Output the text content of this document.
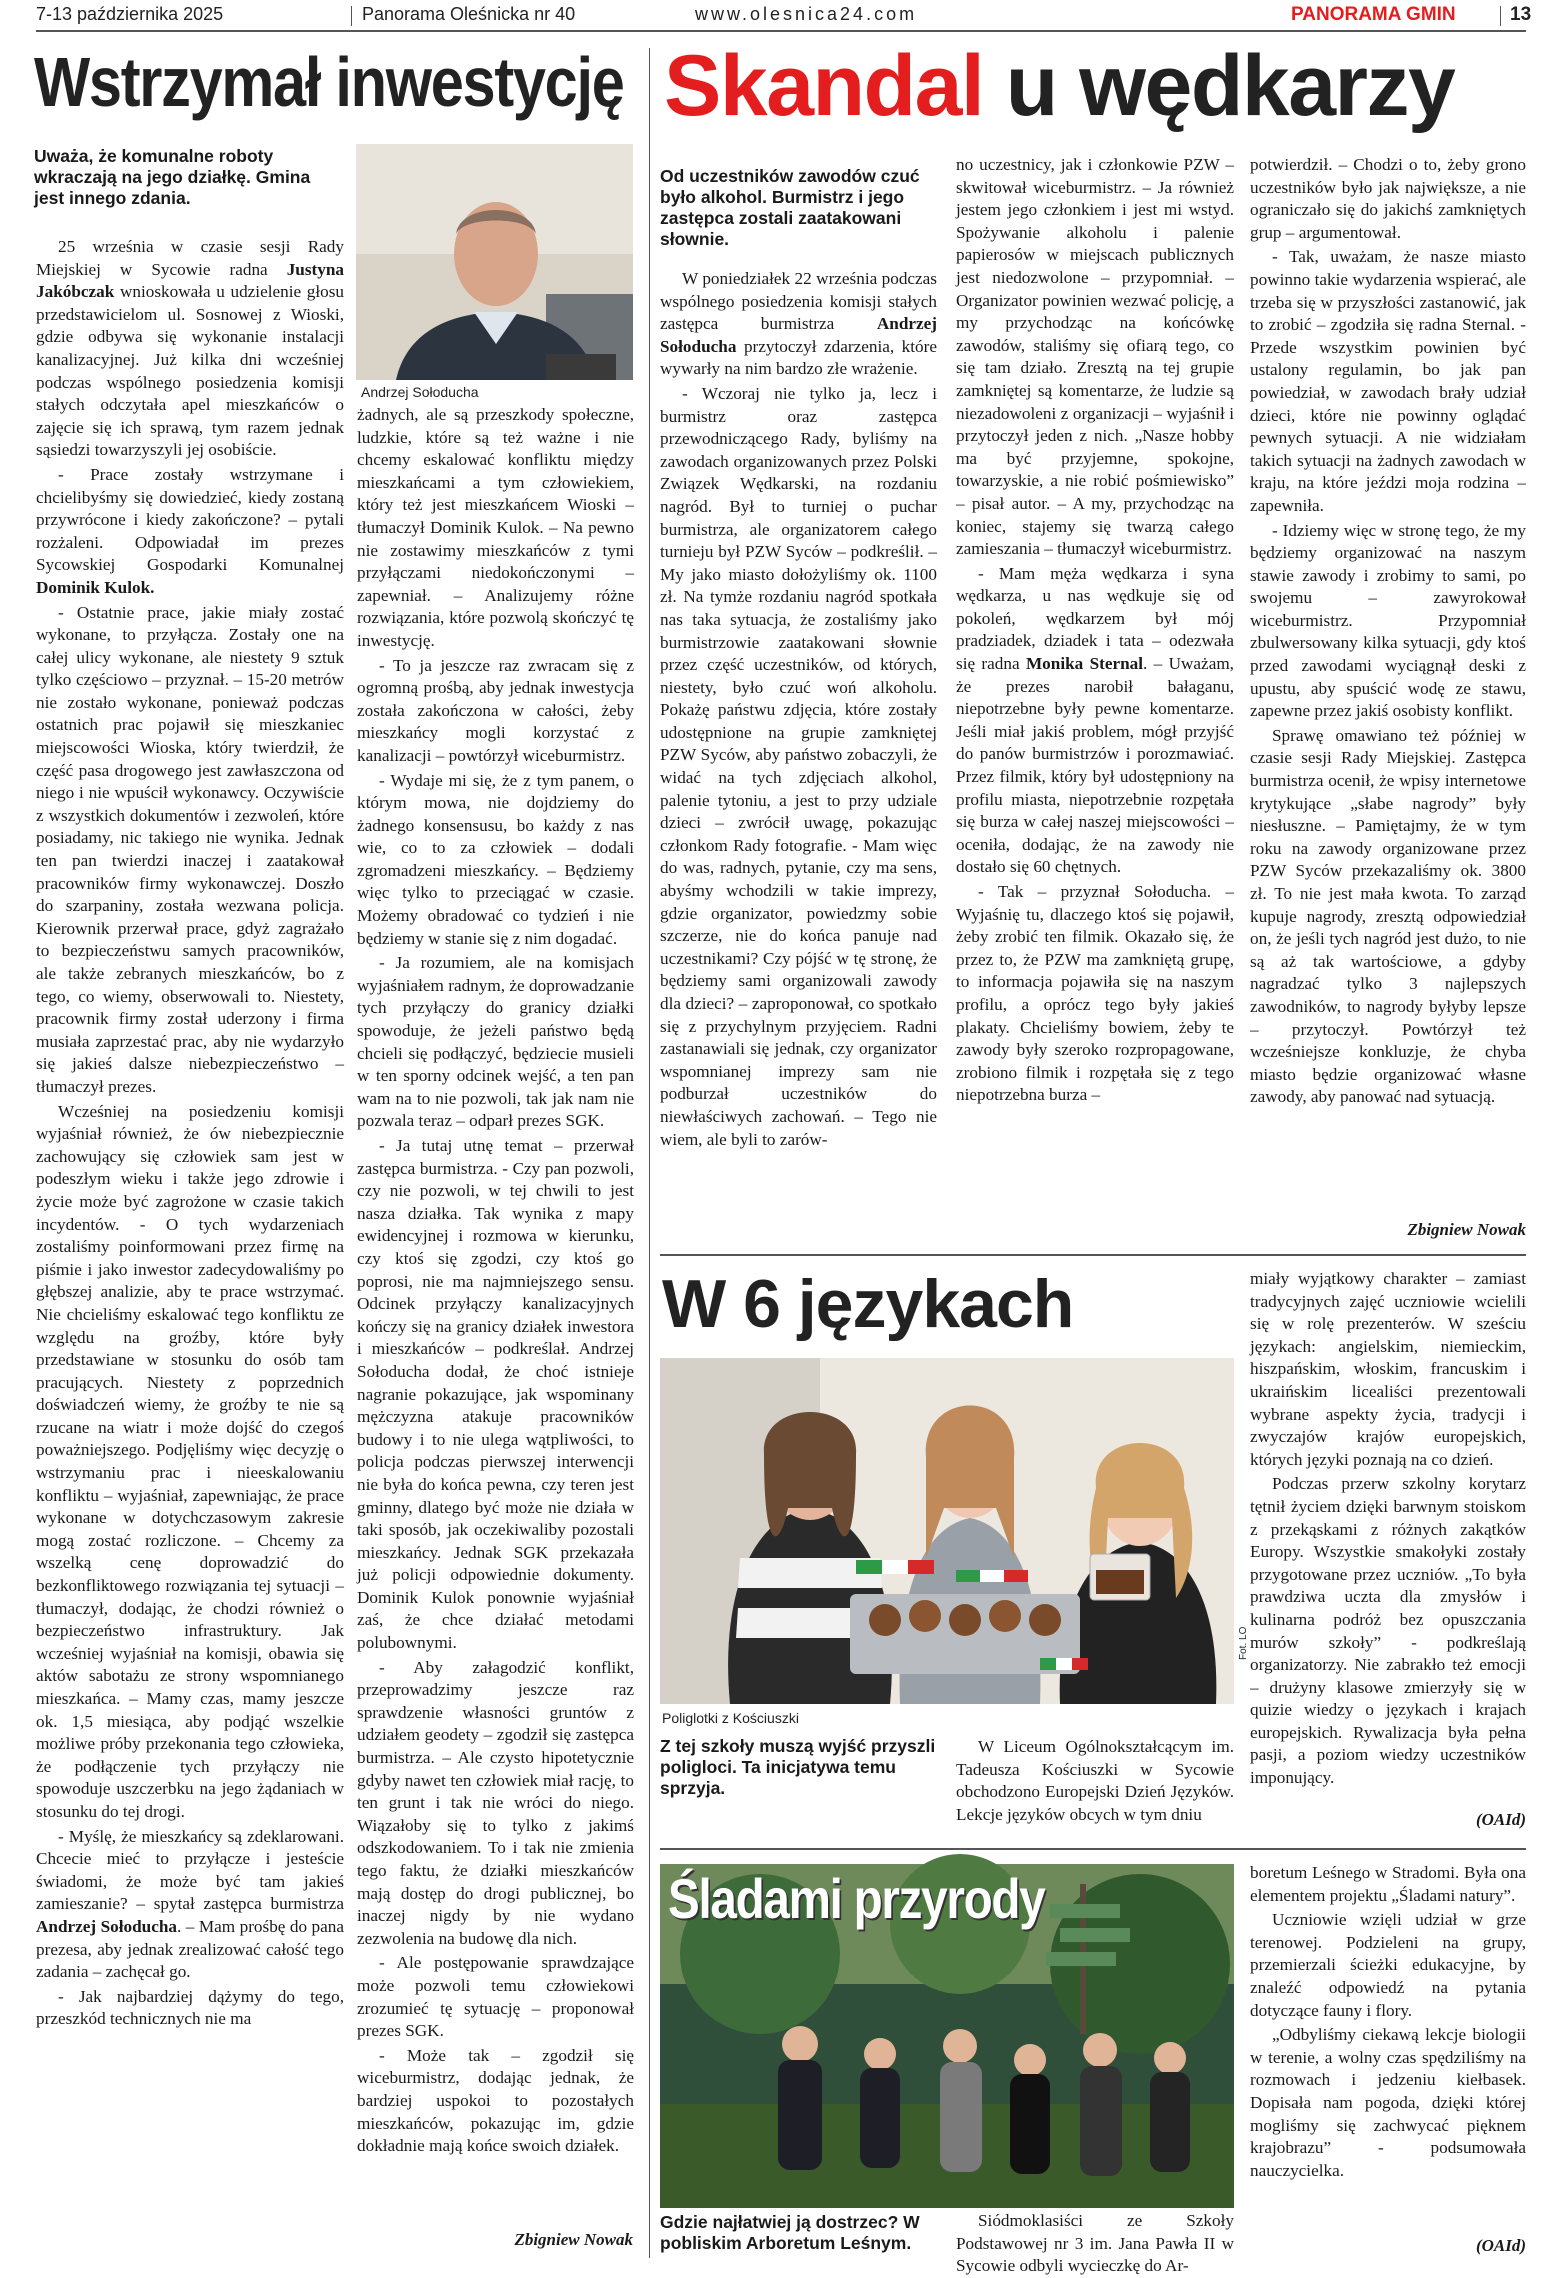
7-13 października 2025	Panorama Oleśnicka nr 40	www.olesnica24.com	PANORAMA GMIN	13
Wstrzymał inwestycję
Uważa, że komunalne roboty wkraczają na jego działkę. Gmina jest innego zdania.
Andrzej Sołoducha

25 września w czasie sesji Rady Miejskiej w Sycowie radna Justyna Jakóbczak wnioskowała u udzielenie głosu przedstawicielom ul. Sosnowej z Wioski, gdzie odbywa się wykonanie instalacji kanalizacyjnej. Już kilka dni wcześniej podczas wspólnego posiedzenia komisji stałych odczytała apel mieszkańców o zajęcie się ich sprawą, tym razem jednak sąsiedzi towarzyszyli jej osobiście.

- Prace zostały wstrzymane i chcielibyśmy się dowiedzieć, kiedy zostaną przywrócone i kiedy zakończone? – pytali rozżaleni. Odpowiadał im prezes Sycowskiej Gospodarki Komunalnej Dominik Kulok.

- Ostatnie prace, jakie miały zostać wykonane, to przyłącza. Zostały one na całej ulicy wykonane, ale niestety 9 sztuk tylko częściowo – przyznał. – 15-20 metrów nie zostało wykonane, ponieważ podczas ostatnich prac pojawił się mieszkaniec miejscowości Wioska, który twierdził, że część pasa drogowego jest zawłaszczona od niego i nie wpuścił wykonawcy. Oczywiście z wszystkich dokumentów i zezwoleń, które posiadamy, nic takiego nie wynika. Jednak ten pan twierdzi inaczej i zaatakował pracowników firmy wykonawczej. Doszło do szarpaniny, została wezwana policja. Kierownik przerwał prace, gdyż zagrażało to bezpieczeństwu samych pracowników, ale także zebranych mieszkańców, bo z tego, co wiemy, obserwowali to. Niestety, pracownik firmy został uderzony i firma musiała zaprzestać prac, aby nie wydarzyło się jakieś dalsze niebezpieczeństwo – tłumaczył prezes.

Wcześniej na posiedzeniu komisji wyjaśniał również, że ów niebezpiecznie zachowujący się człowiek sam jest w podeszłym wieku i także jego zdrowie i życie może być zagrożone w czasie takich incydentów. - O tych wydarzeniach zostaliśmy poinformowani przez firmę na piśmie i jako inwestor zadecydowaliśmy po głębszej analizie, aby te prace wstrzymać. Nie chcieliśmy eskalować tego konfliktu ze względu na groźby, które były przedstawiane w stosunku do osób tam pracujących. Niestety z poprzednich doświadczeń wiemy, że groźby te nie są rzucane na wiatr i może dojść do czegoś poważniejszego. Podjęliśmy więc decyzję o wstrzymaniu prac i nieeskalowaniu konfliktu – wyjaśniał, zapewniając, że prace wykonane w dotychczasowym zakresie mogą zostać rozliczone. – Chcemy za wszelką cenę doprowadzić do bezkonfliktowego rozwiązania tej sytuacji – tłumaczył, dodając, że chodzi również o bezpieczeństwo infrastruktury. Jak wcześniej wyjaśniał na komisji, obawia się aktów sabotażu ze strony wspomnianego mieszkańca. – Mamy czas, mamy jeszcze ok. 1,5 miesiąca, aby podjąć wszelkie możliwe próby przekonania tego człowieka, że podłączenie tych przyłączy nie spowoduje uszczerbku na jego żądaniach w stosunku do tej drogi.

- Myślę, że mieszkańcy są zdeklarowani. Chcecie mieć to przyłącze i jesteście świadomi, że może być tam jakieś zamieszanie? – spytał zastępca burmistrza Andrzej Sołoducha. – Mam prośbę do pana prezesa, aby jednak zrealizować całość tego zadania – zachęcał go.

- Jak najbardziej dążymy do tego, przeszkód technicznych nie ma

żadnych, ale są przeszkody społeczne, ludzkie, które są też ważne i nie chcemy eskalować konfliktu między mieszkańcami a tym człowiekiem, który też jest mieszkańcem Wioski – tłumaczył Dominik Kulok. – Na pewno nie zostawimy mieszkańców z tymi przyłączami niedokończonymi – zapewniał. – Analizujemy różne rozwiązania, które pozwolą skończyć tę inwestycję.

- To ja jeszcze raz zwracam się z ogromną prośbą, aby jednak inwestycja została zakończona w całości, żeby mieszkańcy mogli korzystać z kanalizacji – powtórzył wiceburmistrz.

- Wydaje mi się, że z tym panem, o którym mowa, nie dojdziemy do żadnego konsensusu, bo każdy z nas wie, co to za człowiek – dodali zgromadzeni mieszkańcy. – Będziemy więc tylko to przeciągać w czasie. Możemy obradować co tydzień i nie będziemy w stanie się z nim dogadać.

- Ja rozumiem, ale na komisjach wyjaśniałem radnym, że doprowadzanie tych przyłączy do granicy działki spowoduje, że jeżeli państwo będą chcieli się podłączyć, będziecie musieli w ten sporny odcinek wejść, a ten pan wam na to nie pozwoli, tak jak nam nie pozwala teraz – odparł prezes SGK.

- Ja tutaj utnę temat – przerwał zastępca burmistrza. - Czy pan pozwoli, czy nie pozwoli, w tej chwili to jest nasza działka. Tak wynika z mapy ewidencyjnej i rozmowa w kierunku, czy ktoś się zgodzi, czy ktoś go poprosi, nie ma najmniejszego sensu. Odcinek przyłączy kanalizacyjnych kończy się na granicy działek inwestora i mieszkańców – podkreślał. Andrzej Sołoducha dodał, że choć istnieje nagranie pokazujące, jak wspominany mężczyzna atakuje pracowników budowy i to nie ulega wątpliwości, to policja podczas pierwszej interwencji nie była do końca pewna, czy teren jest gminny, dlatego być może nie działa w taki sposób, jak oczekiwaliby pozostali mieszkańcy. Jednak SGK przekazała już policji odpowiednie dokumenty. Dominik Kulok ponownie wyjaśniał zaś, że chce działać metodami polubownymi.

- Aby załagodzić konflikt, przeprowadzimy jeszcze raz sprawdzenie własności gruntów z udziałem geodety – zgodził się zastępca burmistrza. – Ale czysto hipotetycznie gdyby nawet ten człowiek miał rację, to ten grunt i tak nie wróci do niego. Wiązałoby się to tylko z jakimś odszkodowaniem. To i tak nie zmienia tego faktu, że działki mieszkańców mają dostęp do drogi publicznej, bo inaczej nigdy by nie wydano zezwolenia na budowę dla nich.

- Ale postępowanie sprawdzające może pozwoli temu człowiekowi zrozumieć tę sytuację – proponował prezes SGK.

- Może tak – zgodził się wiceburmistrz, dodając jednak, że bardziej uspokoi to pozostałych mieszkańców, pokazując im, gdzie dokładnie mają końce swoich działek.

Zbigniew Nowak
Skandal u wędkarzy
Od uczestników zawodów czuć było alkohol. Burmistrz i jego zastępca zostali zaatakowani słownie.

W poniedziałek 22 września podczas wspólnego posiedzenia komisji stałych zastępca burmistrza Andrzej Sołoducha przytoczył zdarzenia, które wywarły na nim bardzo złe wrażenie.

- Wczoraj nie tylko ja, lecz i burmistrz oraz zastępca przewodniczącego Rady, byliśmy na zawodach organizowanych przez Polski Związek Wędkarski, na rozdaniu nagród. Był to turniej o puchar burmistrza, ale organizatorem całego turnieju był PZW Syców – podkreślił. – My jako miasto dołożyliśmy ok. 1100 zł. Na tymże rozdaniu nagród spotkała nas taka sytuacja, że zostaliśmy jako burmistrzowie zaatakowani słownie przez część uczestników, od których, niestety, było czuć woń alkoholu. Pokażę państwu zdjęcia, które zostały udostępnione na grupie zamkniętej PZW Syców, aby państwo zobaczyli, że widać na tych zdjęciach alkohol, palenie tytoniu, a jest to przy udziale dzieci – zwrócił uwagę, pokazując członkom Rady fotografie. - Mam więc do was, radnych, pytanie, czy ma sens, abyśmy wchodzili w takie imprezy, gdzie organizator, powiedzmy sobie szczerze, nie do końca panuje nad uczestnikami? Czy pójść w tę stronę, że będziemy sami organizowali zawody dla dzieci? – zaproponował, co spotkało się z przychylnym przyjęciem. Radni zastanawiali się jednak, czy organizator wspomnianej imprezy sam nie podburzał uczestników do niewłaściwych zachowań. – Tego nie wiem, ale byli to zarów-

no uczestnicy, jak i członkowie PZW – skwitował wiceburmistrz. – Ja również jestem jego członkiem i jest mi wstyd. Spożywanie alkoholu i palenie papierosów w miejscach publicznych jest niedozwolone – przypomniał. – Organizator powinien wezwać policję, a my przychodząc na końcówkę zawodów, staliśmy się ofiarą tego, co się tam działo. Zresztą na tej grupie zamkniętej są komentarze, że ludzie są niezadowoleni z organizacji – wyjaśnił i przytoczył jeden z nich. „Nasze hobby ma być przyjemne, spokojne, towarzyskie, a nie robić pośmiewisko” – pisał autor. – A my, przychodząc na koniec, stajemy się twarzą całego zamieszania – tłumaczył wiceburmistrz.

- Mam męża wędkarza i syna wędkarza, u nas wędkuje się od pokoleń, wędkarzem był mój pradziadek, dziadek i tata – odezwała się radna Monika Sternal. – Uważam, że prezes narobił bałaganu, niepotrzebne były pewne komentarze. Jeśli miał jakiś problem, mógł przyjść do panów burmistrzów i porozmawiać. Przez filmik, który był udostępniony na profilu miasta, niepotrzebnie rozpętała się burza w całej naszej miejscowości – oceniła, dodając, że na zawody nie dostało się 60 chętnych.

- Tak – przyznał Sołoducha. – Wyjaśnię tu, dlaczego ktoś się pojawił, żeby zrobić ten filmik. Okazało się, że przez to, że PZW ma zamkniętą grupę, to informacja pojawiła się na naszym profilu, a oprócz tego były jakieś plakaty. Chcieliśmy bowiem, żeby te zawody były szeroko rozpropagowane, zrobiono filmik i rozpętała się z tego niepotrzebna burza –

potwierdził. – Chodzi o to, żeby grono uczestników było jak największe, a nie ograniczało się do jakichś zamkniętych grup – argumentował.

- Tak, uważam, że nasze miasto powinno takie wydarzenia wspierać, ale trzeba się w przyszłości zastanowić, jak to zrobić – zgodziła się radna Sternal. - Przede wszystkim powinien być ustalony regulamin, bo jak pan powiedział, w zawodach brały udział dzieci, które nie powinny oglądać pewnych sytuacji. A nie widziałam takich sytuacji na żadnych zawodach w kraju, na które jeździ moja rodzina – zapewniła.

- Idziemy więc w stronę tego, że my będziemy organizować na naszym stawie zawody i zrobimy to sami, po swojemu – zawyrokował wiceburmistrz. Przypomniał zbulwersowany kilka sytuacji, gdy ktoś przed zawodami wyciągnął deski z upustu, aby spuścić wodę ze stawu, zapewne przez jakiś osobisty konflikt.

Sprawę omawiano też później w czasie sesji Rady Miejskiej. Zastępca burmistrza ocenił, że wpisy internetowe krytykujące „słabe nagrody” były niesłuszne. – Pamiętajmy, że w tym roku na zawody organizowane przez PZW Syców przekazaliśmy ok. 3800 zł. To nie jest mała kwota. To zarząd kupuje nagrody, zresztą odpowiedział on, że jeśli tych nagród jest dużo, to nie są aż tak wartościowe, a gdyby nagradzać tylko 3 najlepszych zawodników, to nagrody byłyby lepsze – przytoczył. Powtórzył też wcześniejsze konkluzje, że chyba miasto będzie organizować własne zawody, aby panować nad sytuacją.

Zbigniew Nowak
W 6 językach
Fot. LO
Poliglotki z Kościuszki
Z tej szkoły muszą wyjść przyszli poligloci. Ta inicjatywa temu sprzyja.

W Liceum Ogólnokształcącym im. Tadeusza Kościuszki w Sycowie obchodzono Europejski Dzień Języków. Lekcje języków obcych w tym dniu

miały wyjątkowy charakter – zamiast tradycyjnych zajęć uczniowie wcielili się w rolę prezenterów. W sześciu językach: angielskim, niemieckim, hiszpańskim, włoskim, francuskim i ukraińskim licealiści prezentowali wybrane aspekty życia, tradycji i zwyczajów krajów europejskich, których języki poznają na co dzień.

Podczas przerw szkolny korytarz tętnił życiem dzięki barwnym stoiskom z przekąskami z różnych zakątków Europy. Wszystkie smakołyki zostały przygotowane przez uczniów. „To była prawdziwa uczta dla zmysłów i kulinarna podróż bez opuszczania murów szkoły” - podkreślają organizatorzy. Nie zabrakło też emocji – drużyny klasowe zmierzyły się w quizie wiedzy o językach i krajach europejskich. Rywalizacja była pełna pasji, a poziom wiedzy uczestników imponujący.

(OAId)
Śladami przyrody
Gdzie najłatwiej ją dostrzec? W pobliskim Arboretum Leśnym.

Siódmoklasiści ze Szkoły Podstawowej nr 3 im. Jana Pawła II w Sycowie odbyli wycieczkę do Ar-

boretum Leśnego w Stradomi. Była ona elementem projektu „Śladami natury”.

Uczniowie wzięli udział w grze terenowej. Podzieleni na grupy, przemierzali ścieżki edukacyjne, by znaleźć odpowiedź na pytania dotyczące fauny i flory.

„Odbyliśmy ciekawą lekcje biologii w terenie, a wolny czas spędziliśmy na rozmowach i jedzeniu kiełbasek. Dopisała nam pogoda, dzięki której mogliśmy się zachwycać pięknem krajobrazu” - podsumowała nauczycielka.

(OAId)
